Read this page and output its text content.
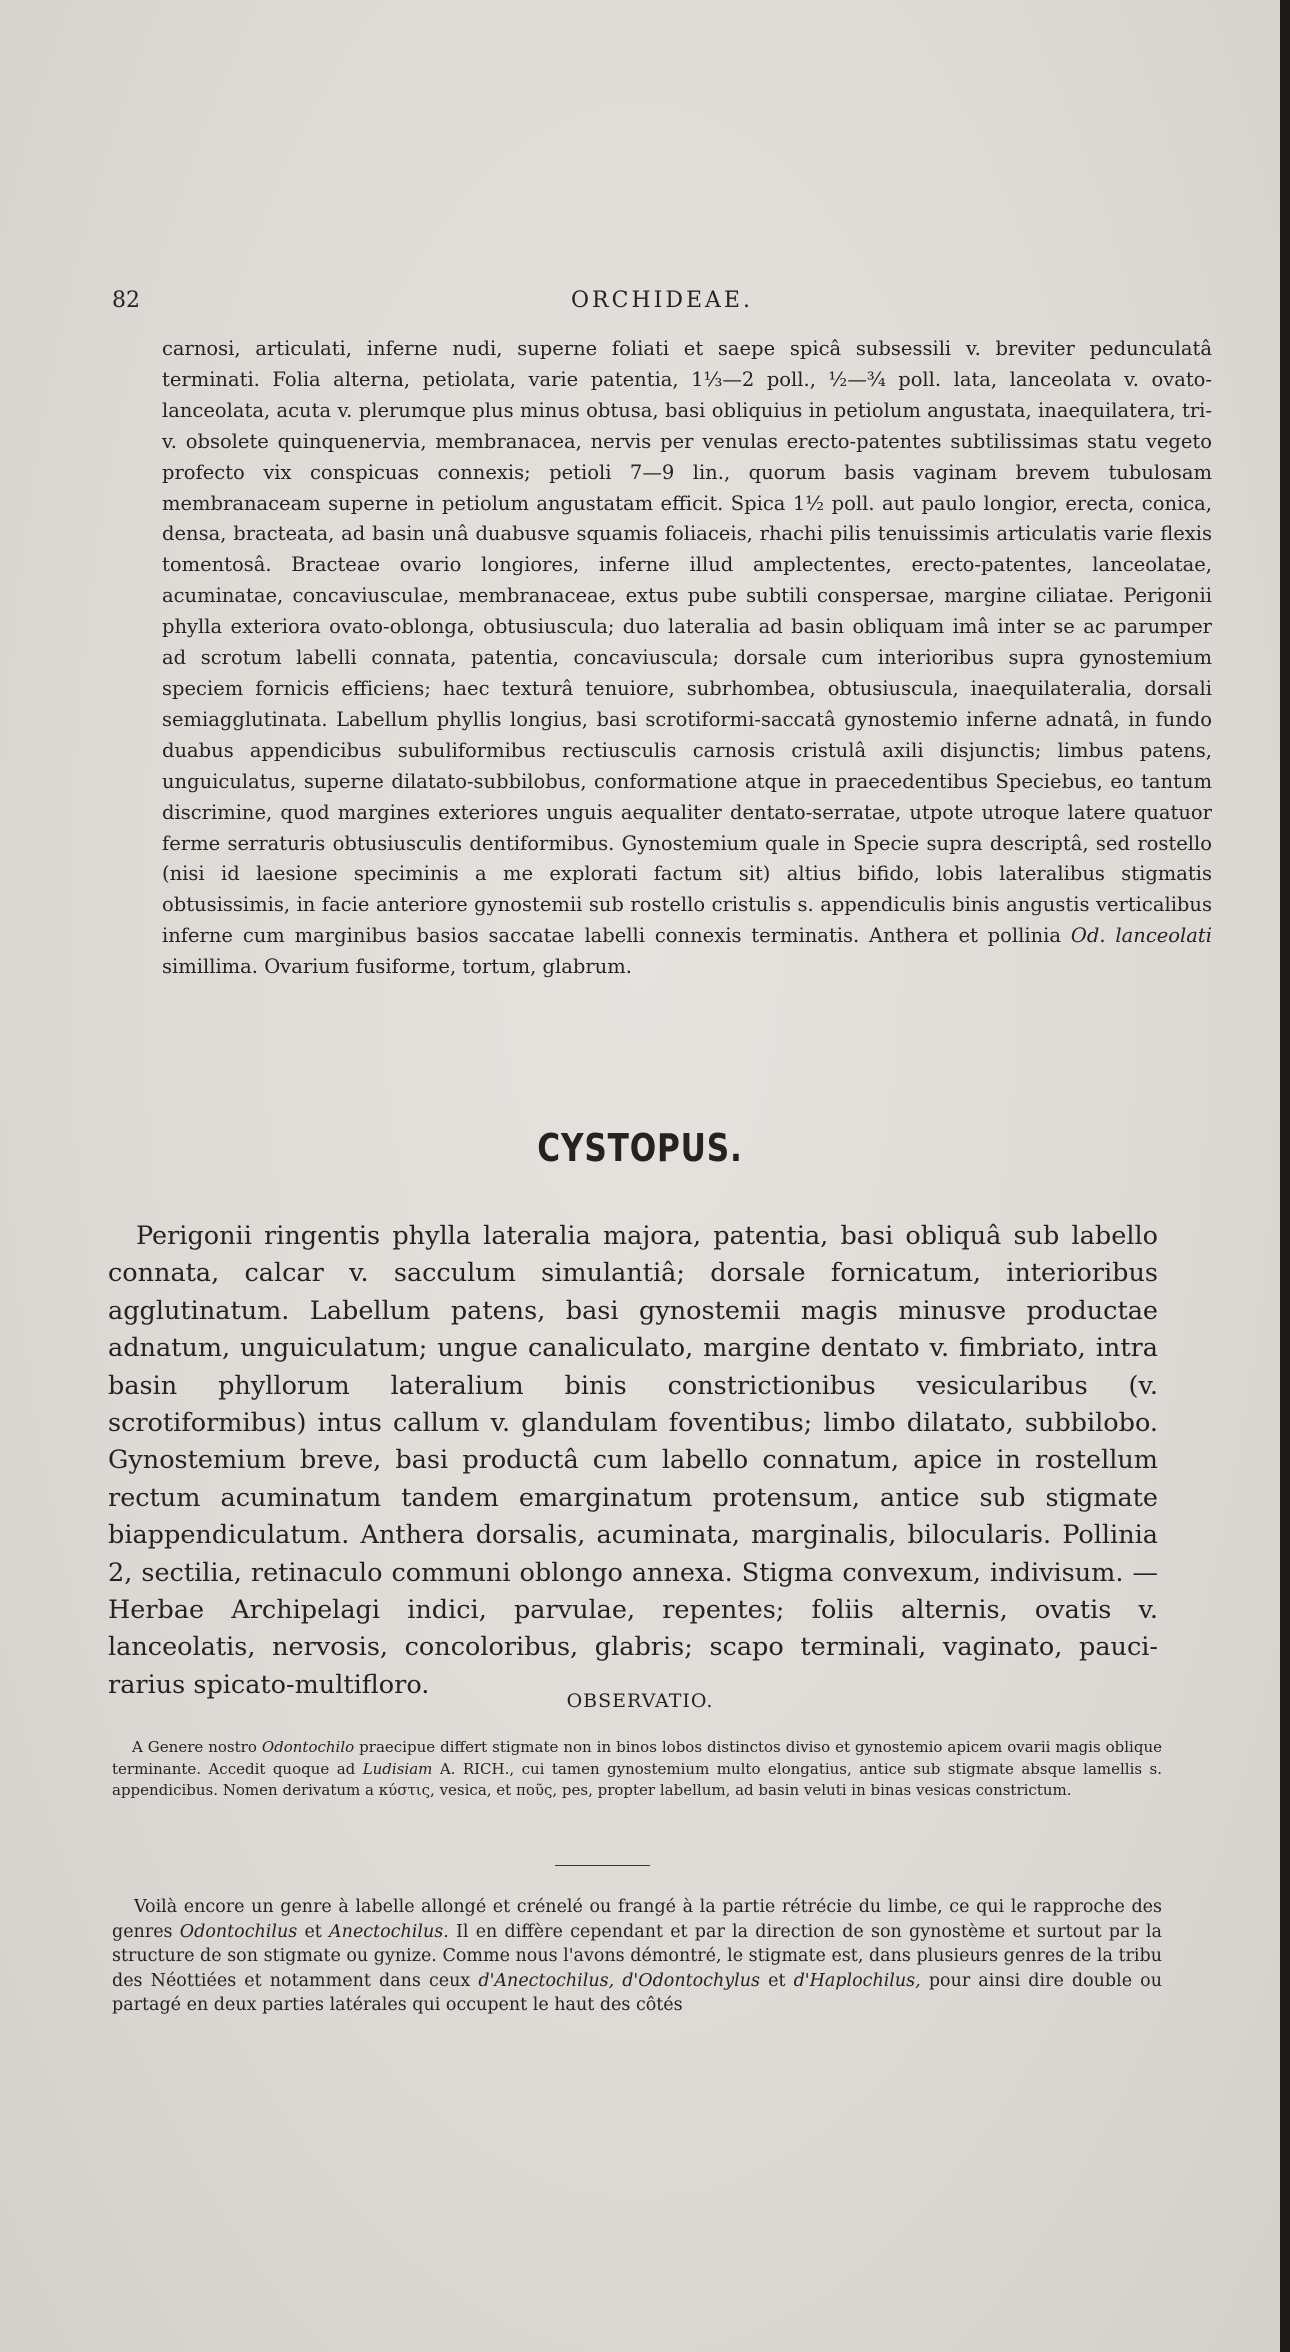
82	ORCHIDEAE.
carnosi, articulati, inferne nudi, superne foliati et saepe spicâ subsessili v. breviter pedunculatâ terminati. Folia alterna, petiolata, varie patentia, 1⅓—2 poll., ½—¾ poll. lata, lanceolata v. ovato-lanceolata, acuta v. plerumque plus minus obtusa, basi obliquius in petiolum angustata, inaequilatera, tri-v. obsolete quinquenervia, membranacea, nervis per venulas erecto-patentes subtilissimas statu vegeto profecto vix conspicuas connexis; petioli 7—9 lin., quorum basis vaginam brevem tubulosam membranaceam superne in petiolum angustatam efficit. Spica 1½ poll. aut paulo longior, erecta, conica, densa, bracteata, ad basin unâ duabusve squamis foliaceis, rhachi pilis tenuissimis articulatis varie flexis tomentosâ. Bracteae ovario longiores, inferne illud amplectentes, erecto-patentes, lanceolatae, acuminatae, concaviusculae, membranaceae, extus pube subtili conspersae, margine ciliatae. Perigonii phylla exteriora ovato-oblonga, obtusiuscula; duo lateralia ad basin obliquam imâ inter se ac parumper ad scrotum labelli connata, patentia, concaviuscula; dorsale cum interioribus supra gynostemium speciem fornicis efficiens; haec texturâ tenuiore, subrhombea, obtusiuscula, inaequilateralia, dorsali semiagglutinata. Labellum phyllis longius, basi scrotiformi-saccatâ gynostemio inferne adnatâ, in fundo duabus appendicibus subuliformibus rectiusculis carnosis cristulâ axili disjunctis; limbus patens, unguiculatus, superne dilatato-subbilobus, conformatione atque in praecedentibus Speciebus, eo tantum discrimine, quod margines exteriores unguis aequaliter dentato-serratae, utpote utroque latere quatuor ferme serraturis obtusiusculis dentiformibus. Gynostemium quale in Specie supra descriptâ, sed rostello (nisi id laesione speciminis a me explorati factum sit) altius bifido, lobis lateralibus stigmatis obtusissimis, in facie anteriore gynostemii sub rostello cristulis s. appendiculis binis angustis verticalibus inferne cum marginibus basios saccatae labelli connexis terminatis. Anthera et pollinia Od. lanceolati simillima. Ovarium fusiforme, tortum, glabrum.
CYSTOPUS.
Perigonii ringentis phylla lateralia majora, patentia, basi obliquâ sub labello connata, calcar v. sacculum simulantiâ; dorsale fornicatum, interioribus agglutinatum. Labellum patens, basi gynostemii magis minusve productae adnatum, unguiculatum; ungue canaliculato, margine dentato v. fimbriato, intra basin phyllorum lateralium binis constrictionibus vesicularibus (v. scrotiformibus) intus callum v. glandulam foventibus; limbo dilatato, subbilobo. Gynostemium breve, basi productâ cum labello connatum, apice in rostellum rectum acuminatum tandem emarginatum protensum, antice sub stigmate biappendiculatum. Anthera dorsalis, acuminata, marginalis, bilocularis. Pollinia 2, sectilia, retinaculo communi oblongo annexa. Stigma convexum, indivisum. — Herbae Archipelagi indici, parvulae, repentes; foliis alternis, ovatis v. lanceolatis, nervosis, concoloribus, glabris; scapo terminali, vaginato, pauci-rarius spicato-multifloro.
OBSERVATIO.
A Genere nostro Odontochilo praecipue differt stigmate non in binos lobos distinctos diviso et gynostemio apicem ovarii magis oblique terminante. Accedit quoque ad Ludisiam A. RICH., cui tamen gynostemium multo elongatius, antice sub stigmate absque lamellis s. appendicibus. Nomen derivatum a κύστις, vesica, et ποῦς, pes, propter labellum, ad basin veluti in binas vesicas constrictum.
Voilà encore un genre à labelle allongé et crénelé ou frangé à la partie rétrécie du limbe, ce qui le rapproche des genres Odontochilus et Anectochilus. Il en diffère cependant et par la direction de son gynostème et surtout par la structure de son stigmate ou gynize. Comme nous l'avons démontré, le stigmate est, dans plusieurs genres de la tribu des Néottiées et notamment dans ceux d'Anectochilus, d'Odontochylus et d'Haplochilus, pour ainsi dire double ou partagé en deux parties latérales qui occupent le haut des côtés
